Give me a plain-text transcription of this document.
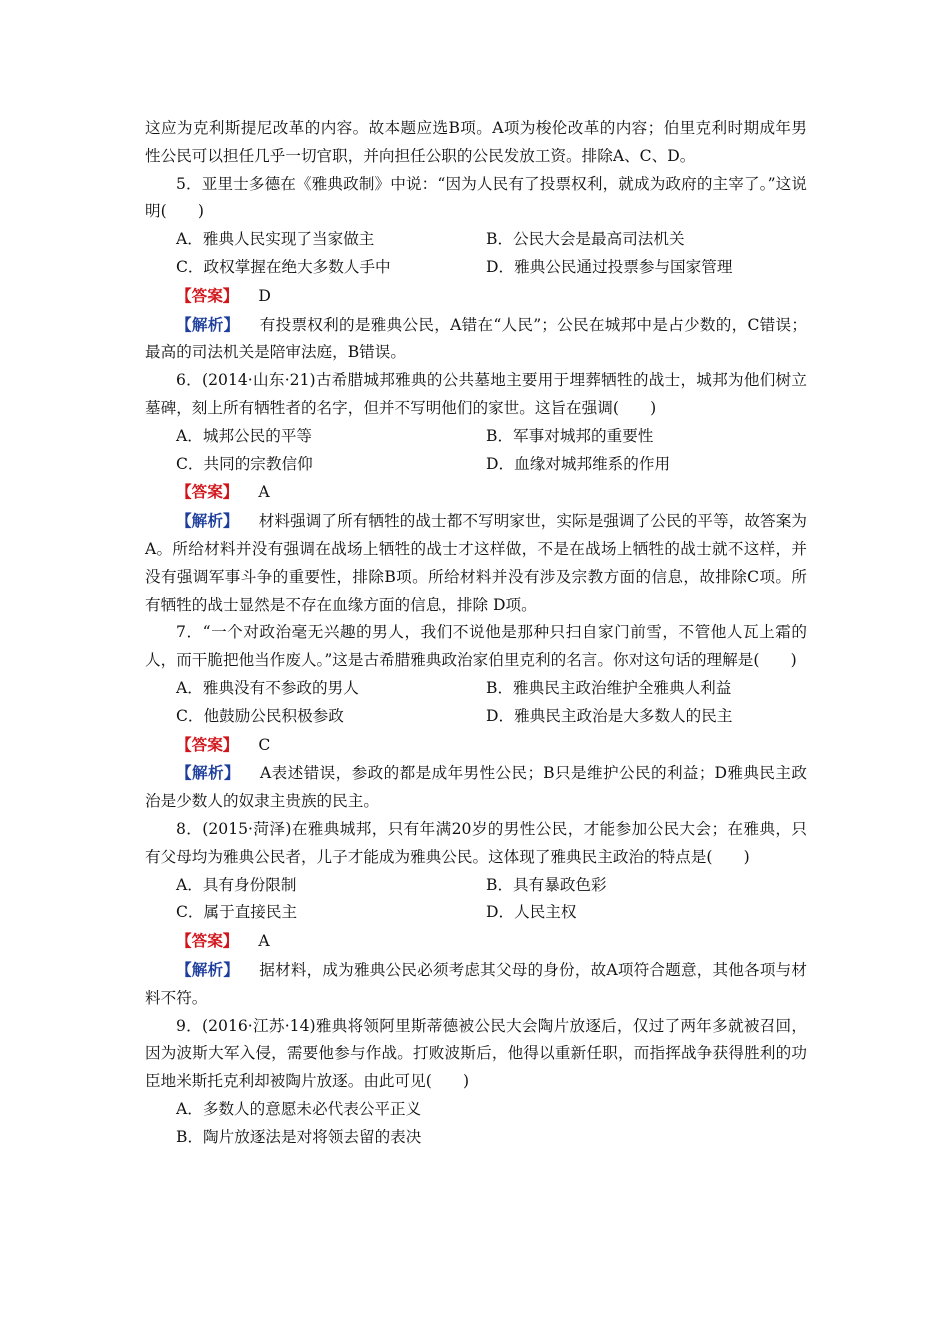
这应为克利斯提尼改革的内容。故本题应选B项。A项为梭伦改革的内容；伯里克利时期成年男性公民可以担任几乎一切官职，并向担任公职的公民发放工资。排除A、C、D。

5．亚里士多德在《雅典政制》中说：“因为人民有了投票权利，就成为政府的主宰了。”这说明(　　)

A．雅典人民实现了当家做主	B．公民大会是最高司法机关
C．政权掌握在绝大多数人手中	D．雅典公民通过投票参与国家管理
【答案】 D

【解析】 有投票权利的是雅典公民，A错在“人民”；公民在城邦中是占少数的，C错误；最高的司法机关是陪审法庭，B错误。

6．(2014·山东·21)古希腊城邦雅典的公共墓地主要用于埋葬牺牲的战士，城邦为他们树立墓碑，刻上所有牺牲者的名字，但并不写明他们的家世。这旨在强调(　　)

A．城邦公民的平等	B．军事对城邦的重要性
C．共同的宗教信仰	D．血缘对城邦维系的作用
【答案】 A

【解析】 材料强调了所有牺牲的战士都不写明家世，实际是强调了公民的平等，故答案为A。所给材料并没有强调在战场上牺牲的战士才这样做，不是在战场上牺牲的战士就不这样，并没有强调军事斗争的重要性，排除B项。所给材料并没有涉及宗教方面的信息，故排除C项。所有牺牲的战士显然是不存在血缘方面的信息，排除 D项。

7．“一个对政治毫无兴趣的男人，我们不说他是那种只扫自家门前雪，不管他人瓦上霜的人，而干脆把他当作废人。”这是古希腊雅典政治家伯里克利的名言。你对这句话的理解是(　　)

A．雅典没有不参政的男人	B．雅典民主政治维护全雅典人利益
C．他鼓励公民积极参政	D．雅典民主政治是大多数人的民主
【答案】 C

【解析】 A表述错误，参政的都是成年男性公民；B只是维护公民的利益；D雅典民主政治是少数人的奴隶主贵族的民主。

8．(2015·菏泽)在雅典城邦，只有年满20岁的男性公民，才能参加公民大会；在雅典，只有父母均为雅典公民者，儿子才能成为雅典公民。这体现了雅典民主政治的特点是(　　)

A．具有身份限制	B．具有暴政色彩
C．属于直接民主	D．人民主权
【答案】 A

【解析】 据材料，成为雅典公民必须考虑其父母的身份，故A项符合题意，其他各项与材料不符。

9．(2016·江苏·14)雅典将领阿里斯蒂德被公民大会陶片放逐后，仅过了两年多就被召回，因为波斯大军入侵，需要他参与作战。打败波斯后，他得以重新任职，而指挥战争获得胜利的功臣地米斯托克利却被陶片放逐。由此可见(　　)

A．多数人的意愿未必代表公平正义
B．陶片放逐法是对将领去留的表决
